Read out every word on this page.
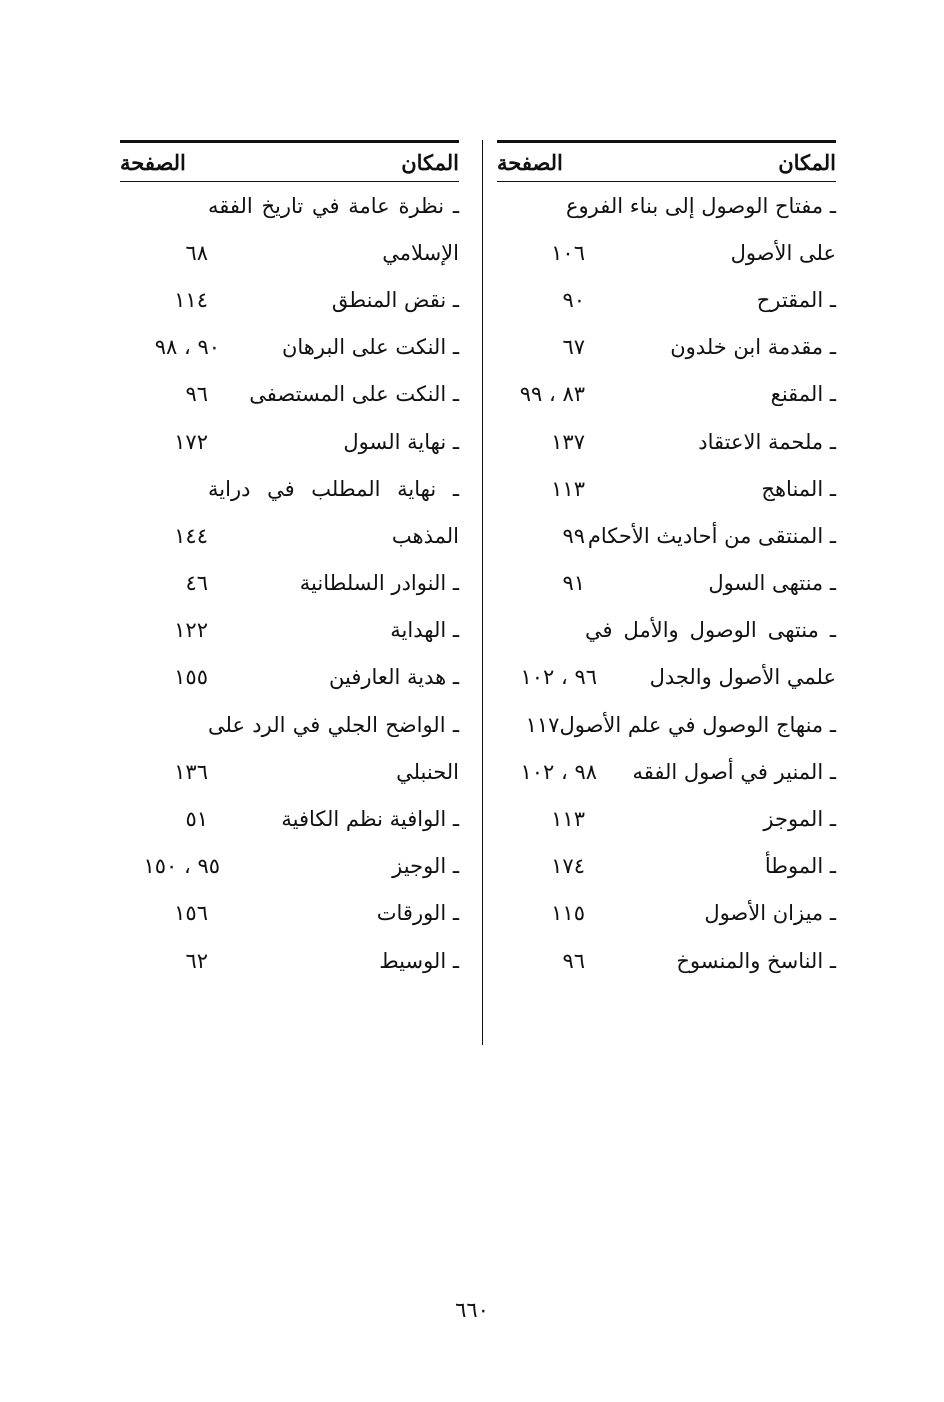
المكان
الصفحة
ـ مفتاح الوصول إلى بناء الفروع
على الأصول
١٠٦
ـ المقترح
٩٠
ـ مقدمة ابن خلدون
٦٧
ـ المقنع
٨٣ ، ٩٩
ـ ملحمة الاعتقاد
١٣٧
ـ المناهج
١١٣
ـ المنتقى من أحاديث الأحكام
٩٩
ـ منتهى السول
٩١
ـ منتهى الوصول والأمل في
علمي الأصول والجدل
٩٦ ، ١٠٢
ـ منهاج الوصول في علم الأصول
١١٧
ـ المنير في أصول الفقه
٩٨ ، ١٠٢
ـ الموجز
١١٣
ـ الموطأ
١٧٤
ـ ميزان الأصول
١١٥
ـ الناسخ والمنسوخ
٩٦
المكان
الصفحة
ـ نظرة عامة في تاريخ الفقه
الإسلامي
٦٨
ـ نقض المنطق
١١٤
ـ النكت على البرهان
٩٠ ، ٩٨
ـ النكت على المستصفى
٩٦
ـ نهاية السول
١٧٢
ـ نهاية المطلب في دراية
المذهب
١٤٤
ـ النوادر السلطانية
٤٦
ـ الهداية
١٢٢
ـ هدية العارفين
١٥٥
ـ الواضح الجلي في الرد على
الحنبلي
١٣٦
ـ الوافية نظم الكافية
٥١
ـ الوجيز
٩٥ ، ١٥٠
ـ الورقات
١٥٦
ـ الوسيط
٦٢
٦٦٠
